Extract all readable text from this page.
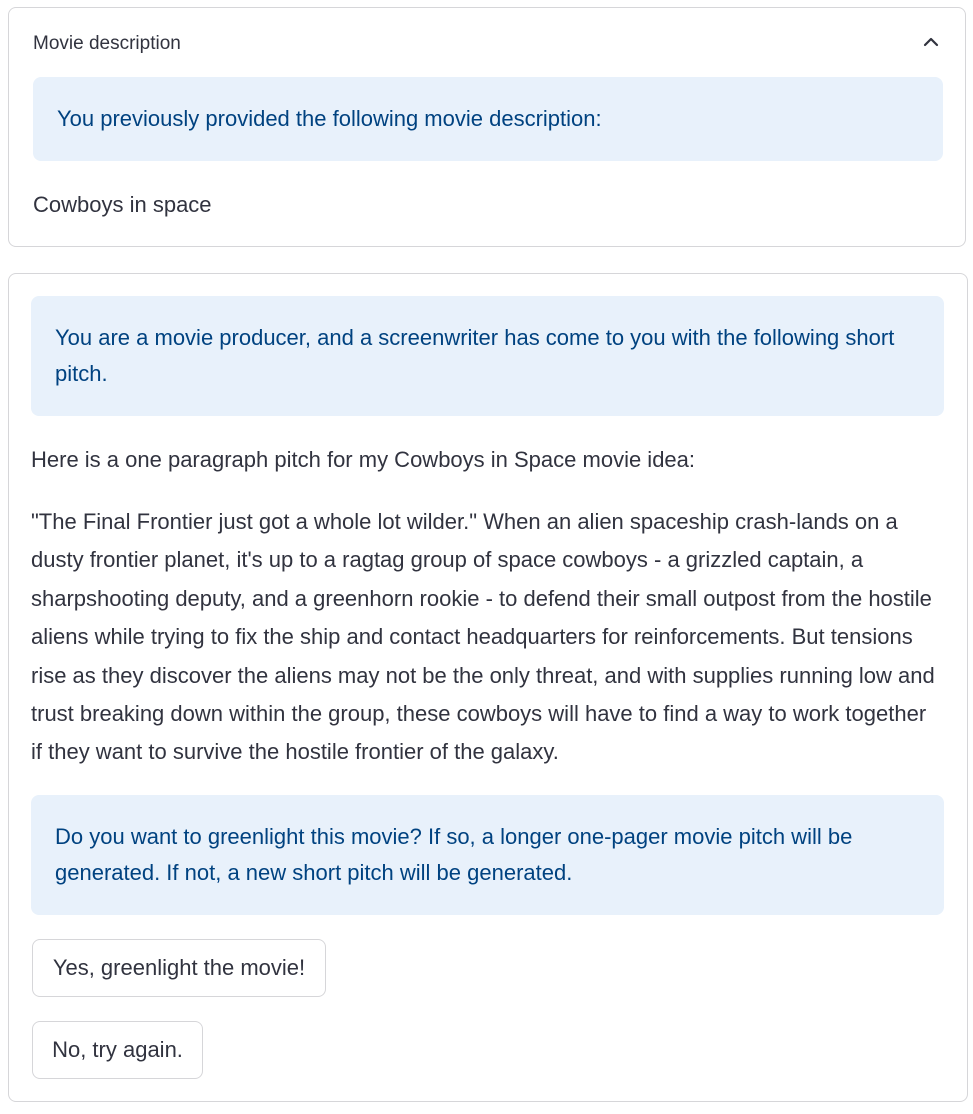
Movie description
You previously provided the following movie description:
Cowboys in space
You are a movie producer, and a screenwriter has come to you with the following short pitch.
Here is a one paragraph pitch for my Cowboys in Space movie idea:
"The Final Frontier just got a whole lot wilder." When an alien spaceship crash-lands on a dusty frontier planet, it's up to a ragtag group of space cowboys - a grizzled captain, a sharpshooting deputy, and a greenhorn rookie - to defend their small outpost from the hostile aliens while trying to fix the ship and contact headquarters for reinforcements. But tensions rise as they discover the aliens may not be the only threat, and with supplies running low and trust breaking down within the group, these cowboys will have to find a way to work together if they want to survive the hostile frontier of the galaxy.
Do you want to greenlight this movie? If so, a longer one-pager movie pitch will be generated. If not, a new short pitch will be generated.
Yes, greenlight the movie!
No, try again.
